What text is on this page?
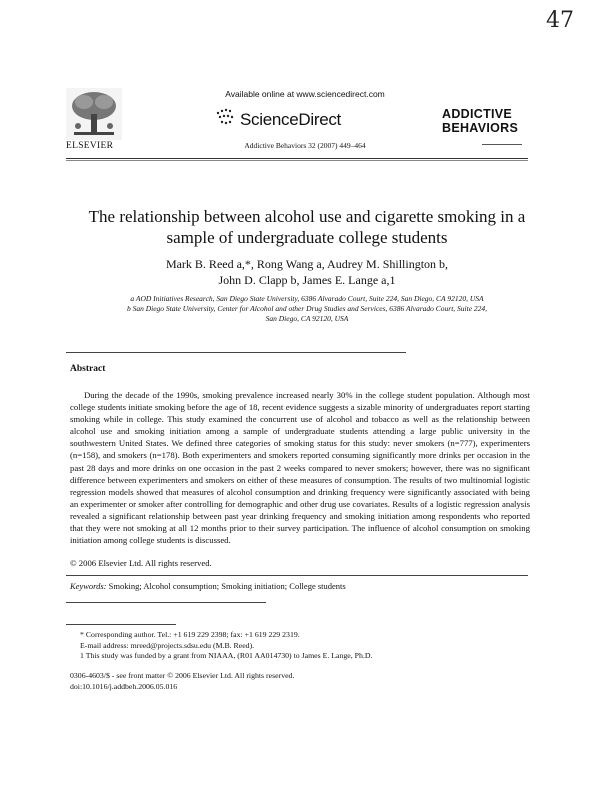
47
ELSEVIER
Available online at www.sciencedirect.com
ScienceDirect
Addictive Behaviors 32 (2007) 449–464
ADDICTIVE
BEHAVIORS
The relationship between alcohol use and cigarette smoking in a
sample of undergraduate college students
Mark B. Reed a,*, Rong Wang a, Audrey M. Shillington b,
John D. Clapp b, James E. Lange a,1
a AOD Initiatives Research, San Diego State University, 6386 Alvarado Court, Suite 224, San Diego, CA 92120, USA
b San Diego State University, Center for Alcohol and other Drug Studies and Services, 6386 Alvarado Court, Suite 224,
San Diego, CA 92120, USA
Abstract
During the decade of the 1990s, smoking prevalence increased nearly 30% in the college student population. Although most college students initiate smoking before the age of 18, recent evidence suggests a sizable minority of undergraduates report starting smoking while in college. This study examined the concurrent use of alcohol and tobacco as well as the relationship between alcohol use and smoking initiation among a sample of undergraduate students attending a large public university in the southwestern United States. We defined three categories of smoking status for this study: never smokers (n=777), experimenters (n=158), and smokers (n=178). Both experimenters and smokers reported consuming significantly more drinks per occasion in the past 28 days and more drinks on one occasion in the past 2 weeks compared to never smokers; however, there was no significant difference between experimenters and smokers on either of these measures of consumption. The results of two multinomial logistic regression models showed that measures of alcohol consumption and drinking frequency were significantly associated with being an experimenter or smoker after controlling for demographic and other drug use covariates. Results of a logistic regression analysis revealed a significant relationship between past year drinking frequency and smoking initiation among respondents who reported that they were not smoking at all 12 months prior to their survey participation. The influence of alcohol consumption on smoking initiation among college students is discussed.
© 2006 Elsevier Ltd. All rights reserved.
Keywords: Smoking; Alcohol consumption; Smoking initiation; College students
* Corresponding author. Tel.: +1 619 229 2398; fax: +1 619 229 2319.
E-mail address: mreed@projects.sdsu.edu (M.B. Reed).
1 This study was funded by a grant from NIAAA, (R01 AA014730) to James E. Lange, Ph.D.
0306-4603/$ - see front matter © 2006 Elsevier Ltd. All rights reserved.
doi:10.1016/j.addbeh.2006.05.016
